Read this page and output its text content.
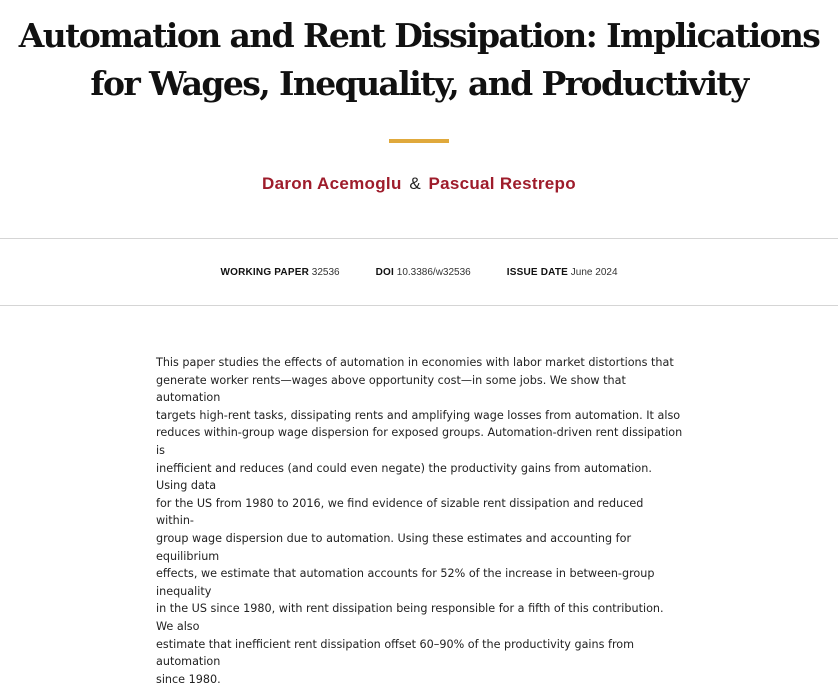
Automation and Rent Dissipation: Implications
for Wages, Inequality, and Productivity
Daron Acemoglu & Pascual Restrepo
WORKING PAPER 32536	DOI 10.3386/w32536	ISSUE DATE June 2024

This paper studies the effects of automation in economies with labor market distortions that
generate worker rents—wages above opportunity cost—in some jobs. We show that automation
targets high-rent tasks, dissipating rents and amplifying wage losses from automation. It also
reduces within-group wage dispersion for exposed groups. Automation-driven rent dissipation is
inefficient and reduces (and could even negate) the productivity gains from automation. Using data
for the US from 1980 to 2016, we find evidence of sizable rent dissipation and reduced within-
group wage dispersion due to automation. Using these estimates and accounting for equilibrium
effects, we estimate that automation accounts for 52% of the increase in between-group inequality
in the US since 1980, with rent dissipation being responsible for a fifth of this contribution. We also
estimate that inefficient rent dissipation offset 60–90% of the productivity gains from automation
since 1980.
